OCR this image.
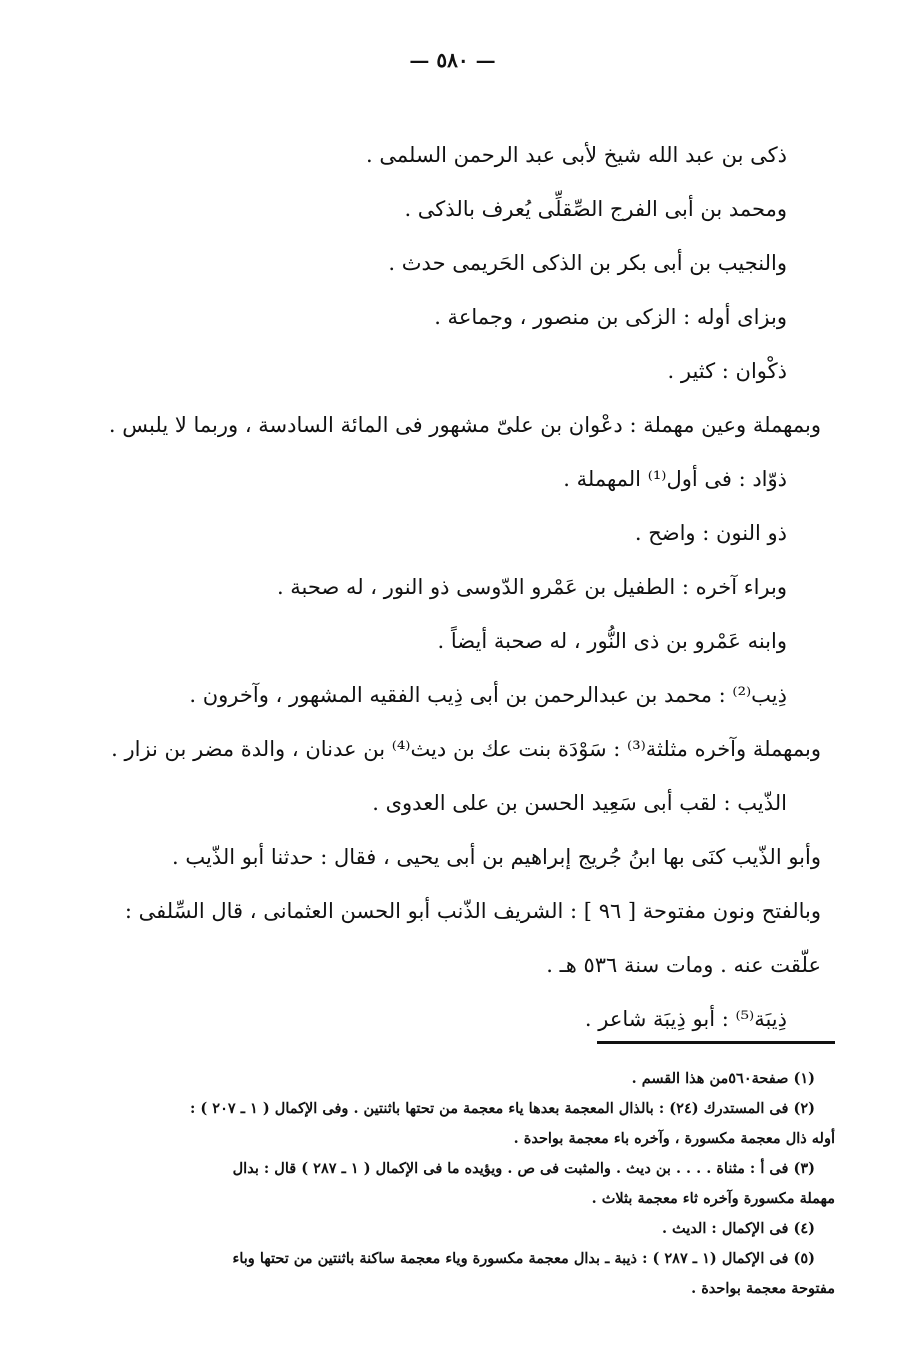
— ٥٨٠ —
ذكى بن عبد الله شيخ لأبى عبد الرحمن السلمى .
ومحمد بن أبى الفرج الصِّقلِّى يُعرف بالذكى .
والنجيب بن أبى بكر بن الذكى الحَريمى حدث .
وبزاى أوله : الزكى بن منصور ، وجماعة .
ذكْوان : كثير .
وبمهملة وعين مهملة : دعْوان بن علىّ مشهور فى المائة السادسة ، وربما لا يلبس .
ذوّاد : فى أول⁽¹⁾ المهملة .
ذو النون : واضح .
وبراء آخره : الطفيل بن عَمْرو الدّوسى ذو النور ، له صحبة .
وابنه عَمْرو بن ذى النُّور ، له صحبة أيضاً .
ذِيب⁽²⁾ : محمد بن عبدالرحمن بن أبى ذِيب الفقيه المشهور ، وآخرون .
وبمهملة وآخره مثلثة⁽³⁾ : سَوْدَة بنت عك بن ديث⁽⁴⁾ بن عدنان ، والدة مضر بن نزار .
الذّيب : لقب أبى سَعِيد الحسن بن على العدوى .
وأبو الذّيب كنَى بها ابنُ جُريج إبراهيم بن أبى يحيى ، فقال : حدثنا أبو الذّيب .
وبالفتح ونون مفتوحة [ ٩٦ ] : الشريف الذّنب أبو الحسن العثمانى ، قال السِّلفى :
علّقت عنه . ومات سنة ٥٣٦ هـ .
ذِيبَة⁽⁵⁾ : أبو ذِيبَة شاعر .
(١) صفحة٥٦٠من هذا القسم .
(٢) فى المستدرك (٢٤) : بالذال المعجمة بعدها ياء معجمة من تحتها باثنتين . وفى الإكمال ( ١ ـ ٢٠٧ ) :
أوله ذال معجمة مكسورة ، وآخره باء معجمة بواحدة .
(٣) فى أ : مثناة . . . . بن ديث . والمثبت فى ص . ويؤيده ما فى الإكمال ( ١ ـ ٢٨٧ ) قال : بدال
مهملة مكسورة وآخره ثاء معجمة بثلاث .
(٤) فى الإكمال : الديث .
(٥) فى الإكمال (١ ـ ٢٨٧ ) : ذيبة ـ بدال معجمة مكسورة وياء معجمة ساكنة باثنتين من تحتها وباء
مفتوحة معجمة بواحدة .
